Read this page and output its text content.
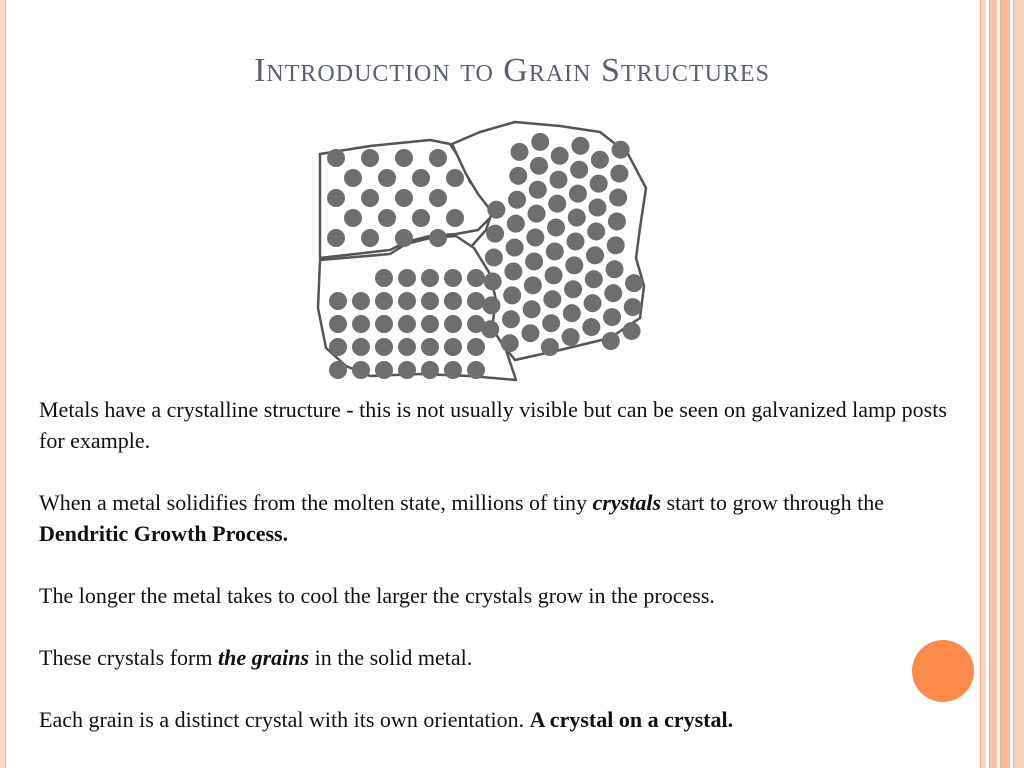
Introduction to Grain Structures

Metals have a crystalline structure - this is not usually visible but can be seen on galvanized lamp posts for example.

When a metal solidifies from the molten state, millions of tiny crystals start to grow through the Dendritic Growth Process.

The longer the metal takes to cool the larger the crystals grow in the process.

These crystals form the grains in the solid metal.

Each grain is a distinct crystal with its own orientation. A crystal on a crystal.
